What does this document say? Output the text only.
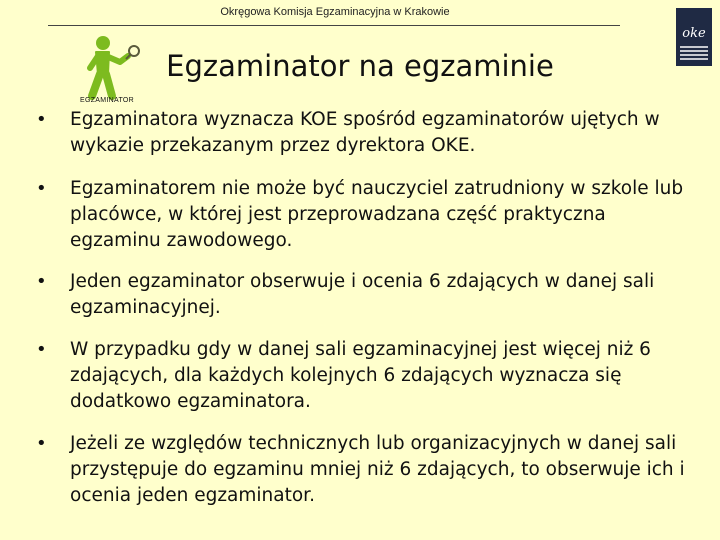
Okręgowa Komisja Egzaminacyjna w Krakowie
oke
EGZAMINATOR
Egzaminator na egzaminie
• Egzaminatora wyznacza KOE spośród egzaminatorów ujętych w wykazie przekazanym przez dyrektora OKE.
• Egzaminatorem nie może być nauczyciel zatrudniony w szkole lub placówce, w której jest przeprowadzana część praktyczna egzaminu zawodowego.
• Jeden egzaminator obserwuje i ocenia 6 zdających w danej sali egzaminacyjnej.
• W przypadku gdy w danej sali egzaminacyjnej jest więcej niż 6 zdających, dla każdych kolejnych 6 zdających wyznacza się dodatkowo egzaminatora.
• Jeżeli ze względów technicznych lub organizacyjnych w danej sali przystępuje do egzaminu mniej niż 6 zdających, to obserwuje ich i ocenia jeden egzaminator.
